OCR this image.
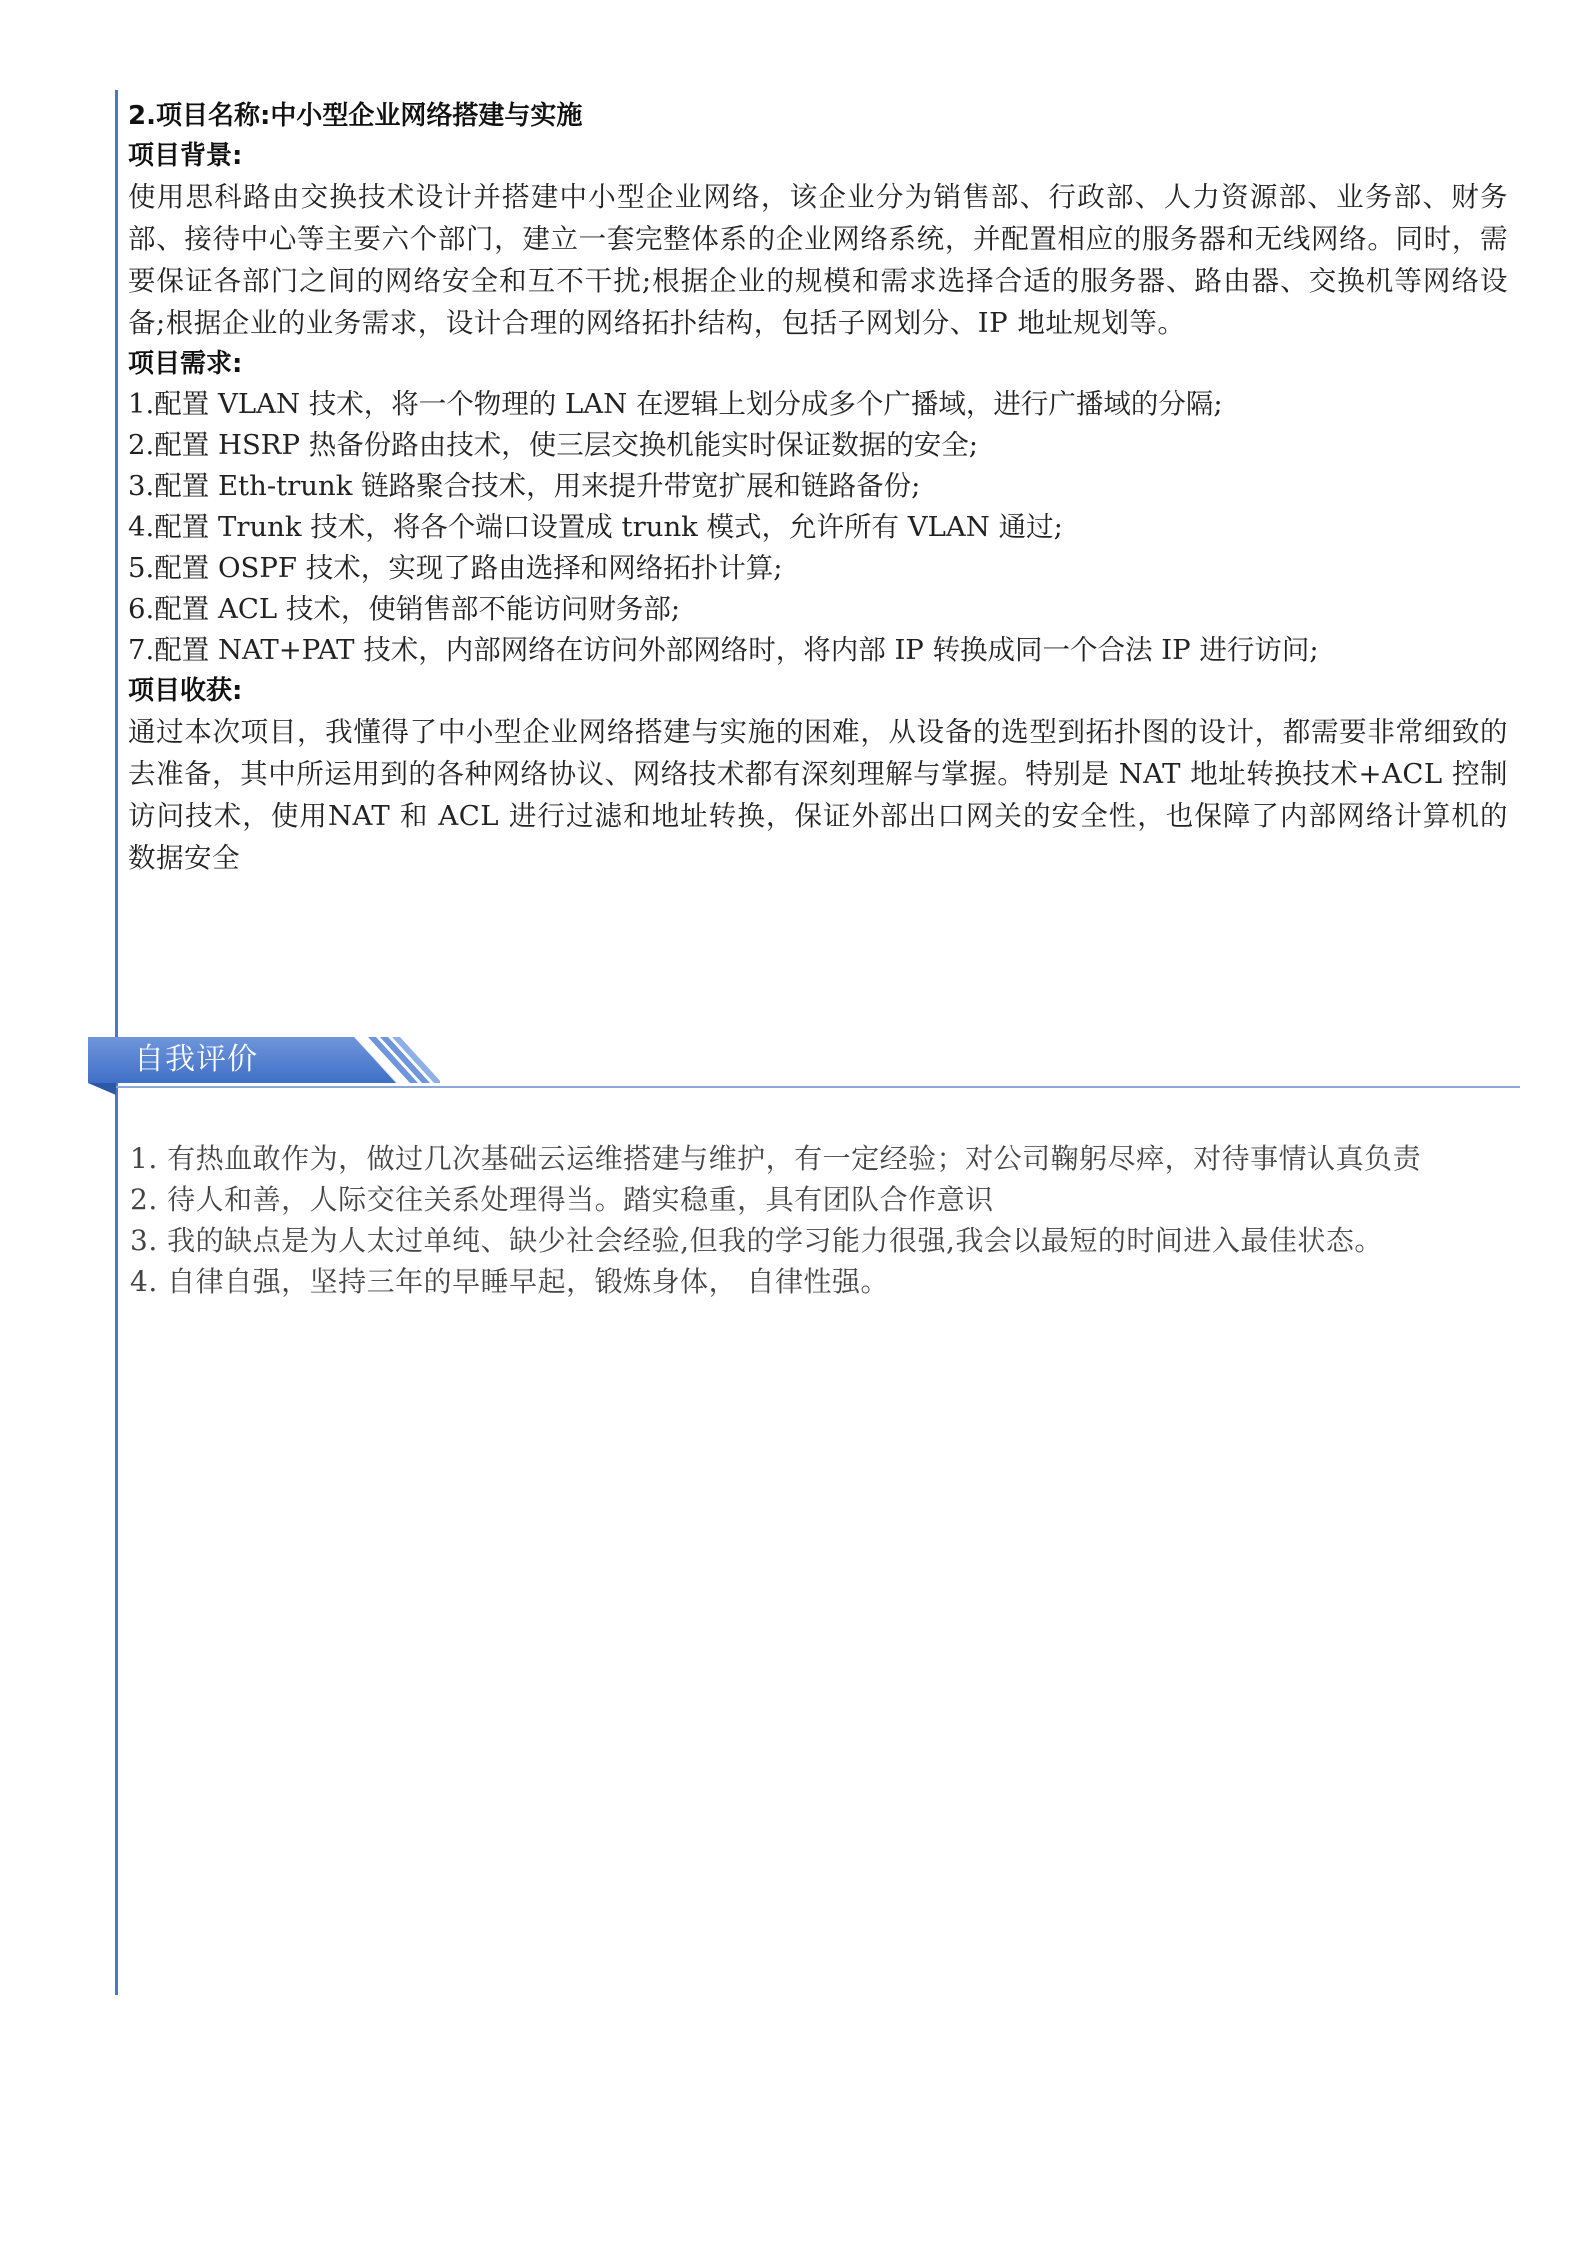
2.项目名称:中小型企业网络搭建与实施
项目背景:

使用思科路由交换技术设计并搭建中小型企业网络，该企业分为销售部、行政部、人力资源部、业务部、财务部、接待中心等主要六个部门，建立一套完整体系的企业网络系统，并配置相应的服务器和无线网络。同时，需要保证各部门之间的网络安全和互不干扰;根据企业的规模和需求选择合适的服务器、路由器、交换机等网络设备;根据企业的业务需求，设计合理的网络拓扑结构，包括子网划分、IP 地址规划等。

项目需求:
1.配置 VLAN 技术，将一个物理的 LAN 在逻辑上划分成多个广播域，进行广播域的分隔;
2.配置 HSRP 热备份路由技术，使三层交换机能实时保证数据的安全;
3.配置 Eth-trunk 链路聚合技术，用来提升带宽扩展和链路备份;
4.配置 Trunk 技术，将各个端口设置成 trunk 模式，允许所有 VLAN 通过;
5.配置 OSPF 技术，实现了路由选择和网络拓扑计算;
6.配置 ACL 技术，使销售部不能访问财务部;
7.配置 NAT+PAT 技术，内部网络在访问外部网络时，将内部 IP 转换成同一个合法 IP 进行访问;
项目收获:

通过本次项目，我懂得了中小型企业网络搭建与实施的困难，从设备的选型到拓扑图的设计，都需要非常细致的去准备，其中所运用到的各种网络协议、网络技术都有深刻理解与掌握。特别是 NAT 地址转换技术+ACL 控制访问技术，使用NAT 和 ACL 进行过滤和地址转换，保证外部出口网关的安全性，也保障了内部网络计算机的数据安全

自我评价

1. 有热血敢作为，做过几次基础云运维搭建与维护，有一定经验；对公司鞠躬尽瘁，对待事情认真负责

2. 待人和善，人际交往关系处理得当。踏实稳重，具有团队合作意识

3. 我的缺点是为人太过单纯、缺少社会经验,但我的学习能力很强,我会以最短的时间进入最佳状态。

4. 自律自强，坚持三年的早睡早起，锻炼身体， 自律性强。
